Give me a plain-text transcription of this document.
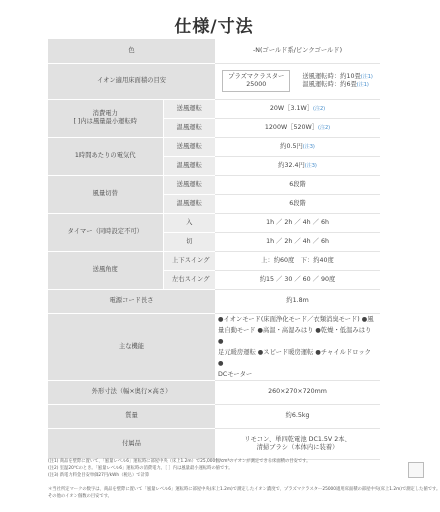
仕様/寸法
色		-N(ゴールド系/ピンクゴールド)
イオン適用床面積の目安		プラズマクラスター
25000 送風運転時：約10畳(注1)
温風運転時：約6畳(注1)
消費電力
[ ]内は風量最小運転時	送風運転	20W［3.1W］(注2)
	温風運転	1200W［520W］(注2)
1時間あたりの電気代	送風運転	約0.5円(注3)
	温風運転	約32.4円(注3)
風量切替	送風運転	6段階
	温風運転	6段階
タイマー（同時設定不可）	入	1h ／ 2h ／ 4h ／ 6h
	切	1h ／ 2h ／ 4h ／ 6h
送風角度	上下スイング	上：約60度　下：約40度
	左右スイング	約15 ／ 30 ／ 60 ／ 90度
電源コード長さ		約1.8m
主な機能		●イオンモード(床面浄化モード／衣類消臭モード) ●風
量自動モード ●高温・高湿みはり ●乾燥・低温みはり ●
足元暖房運転 ●スピード暖房運転 ●チャイルドロック ●
DCモーター
外形寸法（幅×奥行×高さ）		260×270×720mm
質量		約6.5kg
付属品		リモコン、単四乾電池 DC1.5V 2本、
清掃ブラシ（本体内に装着）
(注1) 商品を壁際に置いて、「風量レベル6」運転時に部屋中央（床上1.2m）で25,000個/cm³のイオンが測定できる床面積の目安です。
(注2) 室温20℃のとき。「風量レベル6」運転時の消費電力。［ ］内は風量最小運転時の値です。
(注3) 新電力料金目安単価27円/kWh（税込）で計算
＊当社所定マークの数字は、商品を壁際に置いて「風量レベル6」運転時に部屋中央(床上1.2m)で測定したイオン濃度で、プラズマクラスター25000適用床面積の部屋中央(床上1.2m)で測定した値です。
その他のイオン個数の目安です。
